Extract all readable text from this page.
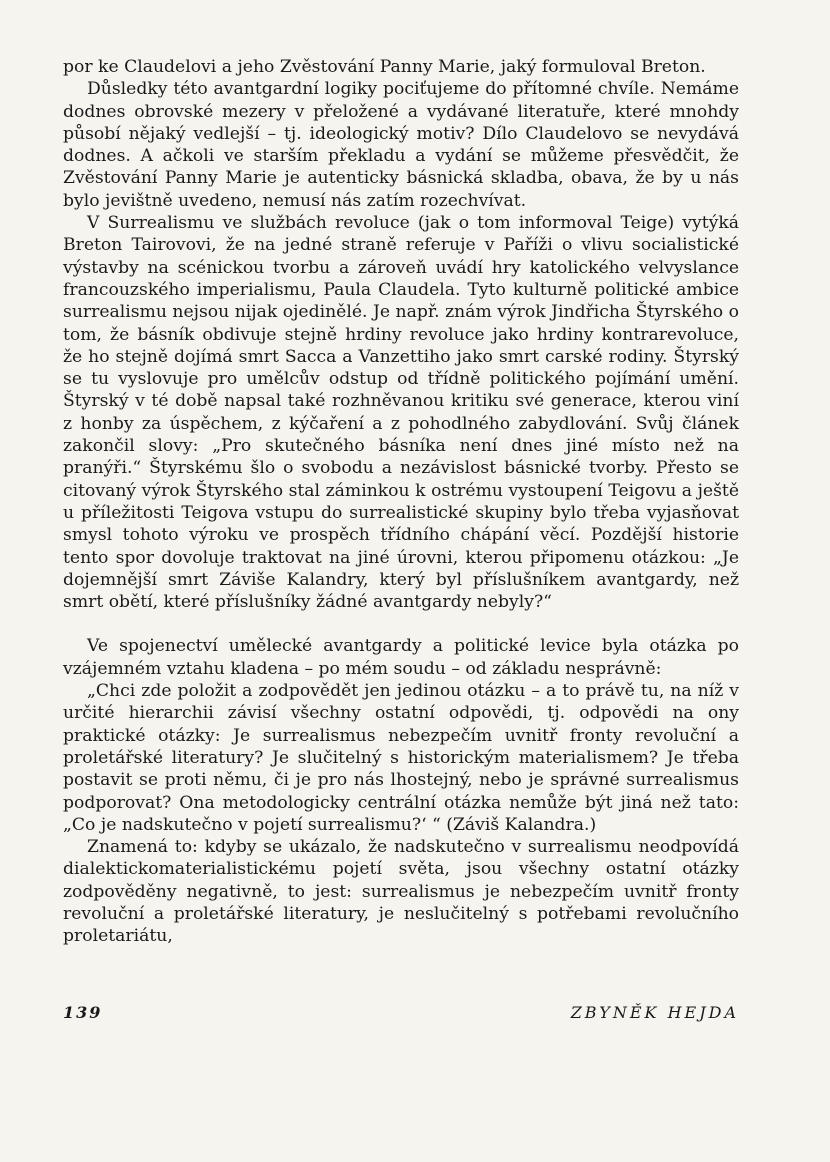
por ke Claudelovi a jeho Zvěstování Panny Marie, jaký formuloval Breton.

Důsledky této avantgardní logiky pociťujeme do přítomné chvíle. Nemáme dodnes obrovské mezery v přeložené a vydávané literatuře, které mnohdy působí nějaký vedlejší – tj. ideologický motiv? Dílo Claudelovo se nevydává dodnes. A ačkoli ve starším překladu a vydání se můžeme přesvědčit, že Zvěstování Panny Marie je autenticky básnická skladba, obava, že by u nás bylo jevištně uvedeno, nemusí nás zatím rozechvívat.

V Surrealismu ve službách revoluce (jak o tom informoval Teige) vytýká Breton Tairovovi, že na jedné straně referuje v Paříži o vlivu socialistické výstavby na scénickou tvorbu a zároveň uvádí hry katolického velvyslance francouzského imperialismu, Paula Claudela. Tyto kulturně politické ambice surrealismu nejsou nijak ojedinělé. Je např. znám výrok Jindřicha Štyrského o tom, že básník obdivuje stejně hrdiny revoluce jako hrdiny kontrarevoluce, že ho stejně dojímá smrt Sacca a Vanzettiho jako smrt carské rodiny. Štyrský se tu vyslovuje pro umělcův odstup od třídně politického pojímání umění. Štyrský v té době napsal také rozhněvanou kritiku své generace, kterou viní z honby za úspěchem, z kýčaření a z pohodlného zabydlování. Svůj článek zakončil slovy: „Pro skutečného básníka není dnes jiné místo než na pranýři.“ Štyrskému šlo o svobodu a nezávislost básnické tvorby. Přesto se citovaný výrok Štyrského stal záminkou k ostrému vystoupení Teigovu a ještě u příležitosti Teigova vstupu do surrealistické skupiny bylo třeba vyjasňovat smysl tohoto výroku ve prospěch třídního chápání věcí. Pozdější historie tento spor dovoluje traktovat na jiné úrovni, kterou připomenu otázkou: „Je dojemnější smrt Záviše Kalandry, který byl příslušníkem avantgardy, než smrt obětí, které příslušníky žádné avantgardy nebyly?“

Ve spojenectví umělecké avantgardy a politické levice byla otázka po vzájemném vztahu kladena – po mém soudu – od základu nesprávně:

„Chci zde položit a zodpovědět jen jedinou otázku – a to právě tu, na níž v určité hierarchii závisí všechny ostatní odpovědi, tj. odpovědi na ony praktické otázky: Je surrealismus nebezpečím uvnitř fronty revoluční a proletářské literatury? Je slučitelný s historickým materialismem? Je třeba postavit se proti němu, či je pro nás lhostejný, nebo je správné surrealismus podporovat? Ona metodologicky centrální otázka nemůže být jiná než tato: „Co je nadskutečno v pojetí surrealismu?‘ “ (Záviš Kalandra.)

Znamená to: kdyby se ukázalo, že nadskutečno v surrealismu neodpovídá dialektickomaterialistickému pojetí světa, jsou všechny ostatní otázky zodpověděny negativně, to jest: surrealismus je nebezpečím uvnitř fronty revoluční a proletářské literatury, je neslučitelný s potřebami revolučního proletariátu,

139	ZBYNĚK HEJDA
